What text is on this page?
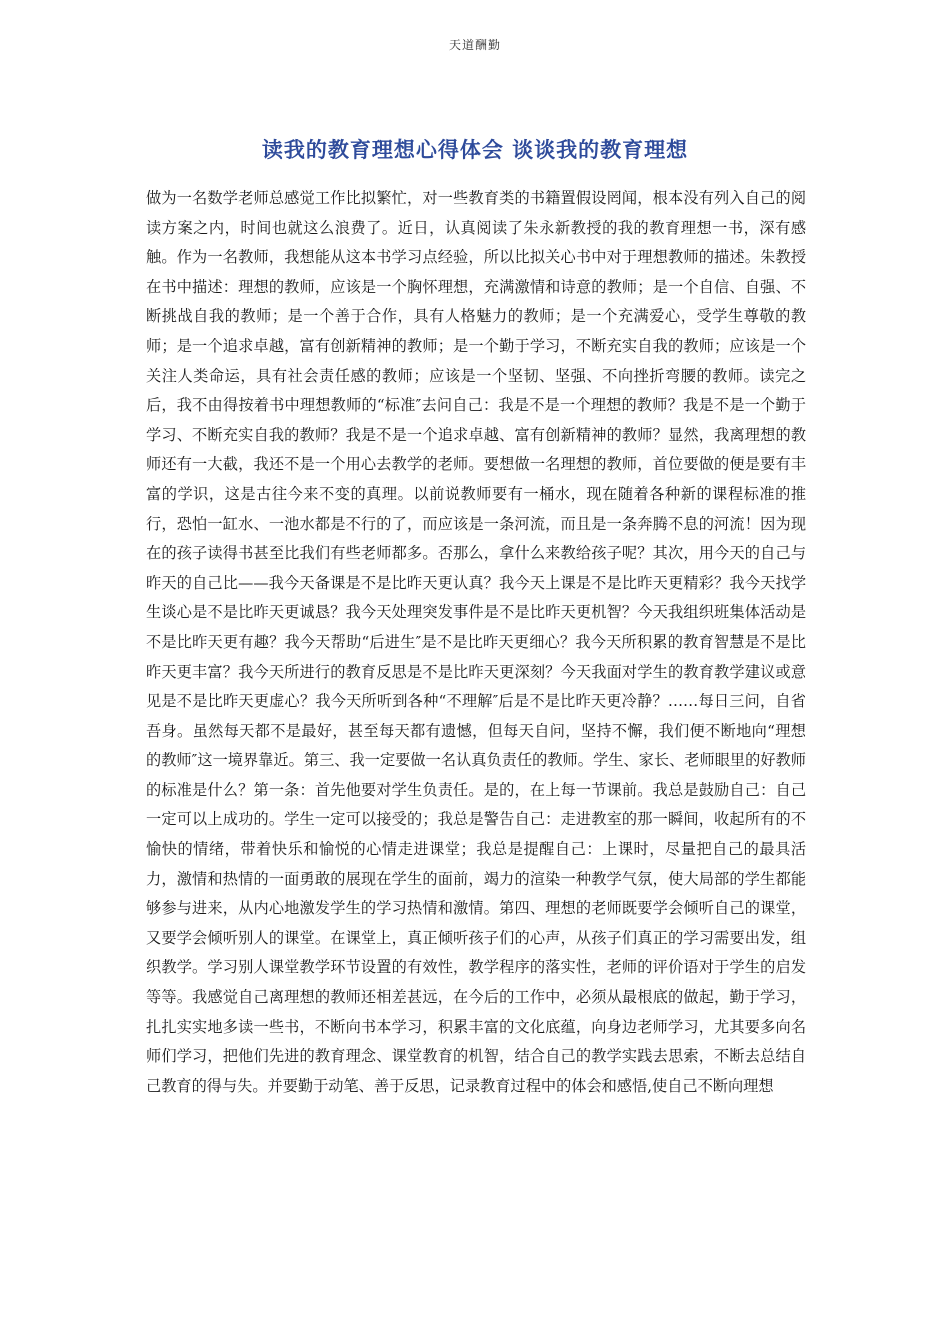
天道酬勤
读我的教育理想心得体会 谈谈我的教育理想
做为一名数学老师总感觉工作比拟繁忙，对一些教育类的书籍置假设罔闻，根本没有列入自己的阅读方案之内，时间也就这么浪费了。近日，认真阅读了朱永新教授的我的教育理想一书，深有感触。作为一名教师，我想能从这本书学习点经验，所以比拟关心书中对于理想教师的描述。朱教授在书中描述：理想的教师，应该是一个胸怀理想，充满激情和诗意的教师；是一个自信、自强、不断挑战自我的教师；是一个善于合作，具有人格魅力的教师；是一个充满爱心，受学生尊敬的教师；是一个追求卓越，富有创新精神的教师；是一个勤于学习，不断充实自我的教师；应该是一个关注人类命运，具有社会责任感的教师；应该是一个坚韧、坚强、不向挫折弯腰的教师。读完之后，我不由得按着书中理想教师的“标准″去问自己：我是不是一个理想的教师？我是不是一个勤于学习、不断充实自我的教师？我是不是一个追求卓越、富有创新精神的教师？显然，我离理想的教师还有一大截，我还不是一个用心去教学的老师。要想做一名理想的教师，首位要做的便是要有丰富的学识，这是古往今来不变的真理。以前说教师要有一桶水，现在随着各种新的课程标准的推行，恐怕一缸水、一池水都是不行的了，而应该是一条河流，而且是一条奔腾不息的河流！因为现在的孩子读得书甚至比我们有些老师都多。否那么，拿什么来教给孩子呢？其次，用今天的自己与昨天的自己比——我今天备课是不是比昨天更认真？我今天上课是不是比昨天更精彩？我今天找学生谈心是不是比昨天更诚恳？我今天处理突发事件是不是比昨天更机智？今天我组织班集体活动是不是比昨天更有趣？我今天帮助“后进生″是不是比昨天更细心？我今天所积累的教育智慧是不是比昨天更丰富？我今天所进行的教育反思是不是比昨天更深刻？今天我面对学生的教育教学建议或意见是不是比昨天更虚心？我今天所听到各种“不理解″后是不是比昨天更冷静？……每日三问，自省吾身。虽然每天都不是最好，甚至每天都有遗憾，但每天自问，坚持不懈，我们便不断地向“理想的教师″这一境界靠近。第三、我一定要做一名认真负责任的教师。学生、家长、老师眼里的好教师的标准是什么？第一条：首先他要对学生负责任。是的，在上每一节课前。我总是鼓励自己：自己一定可以上成功的。学生一定可以接受的；我总是警告自己：走进教室的那一瞬间，收起所有的不愉快的情绪，带着快乐和愉悦的心情走进课堂；我总是提醒自己：上课时，尽量把自己的最具活力，激情和热情的一面勇敢的展现在学生的面前，竭力的渲染一种教学气氛，使大局部的学生都能够参与进来，从内心地激发学生的学习热情和激情。第四、理想的老师既要学会倾听自己的课堂，又要学会倾听别人的课堂。在课堂上，真正倾听孩子们的心声，从孩子们真正的学习需要出发，组织教学。学习别人课堂教学环节设置的有效性，教学程序的落实性，老师的评价语对于学生的启发等等。我感觉自己离理想的教师还相差甚远，在今后的工作中，必须从最根底的做起，勤于学习，扎扎实实地多读一些书，不断向书本学习，积累丰富的文化底蕴，向身边老师学习，尤其要多向名师们学习，把他们先进的教育理念、课堂教育的机智，结合自己的教学实践去思索，不断去总结自己教育的得与失。并要勤于动笔、善于反思，记录教育过程中的体会和感悟,使自己不断向理想
